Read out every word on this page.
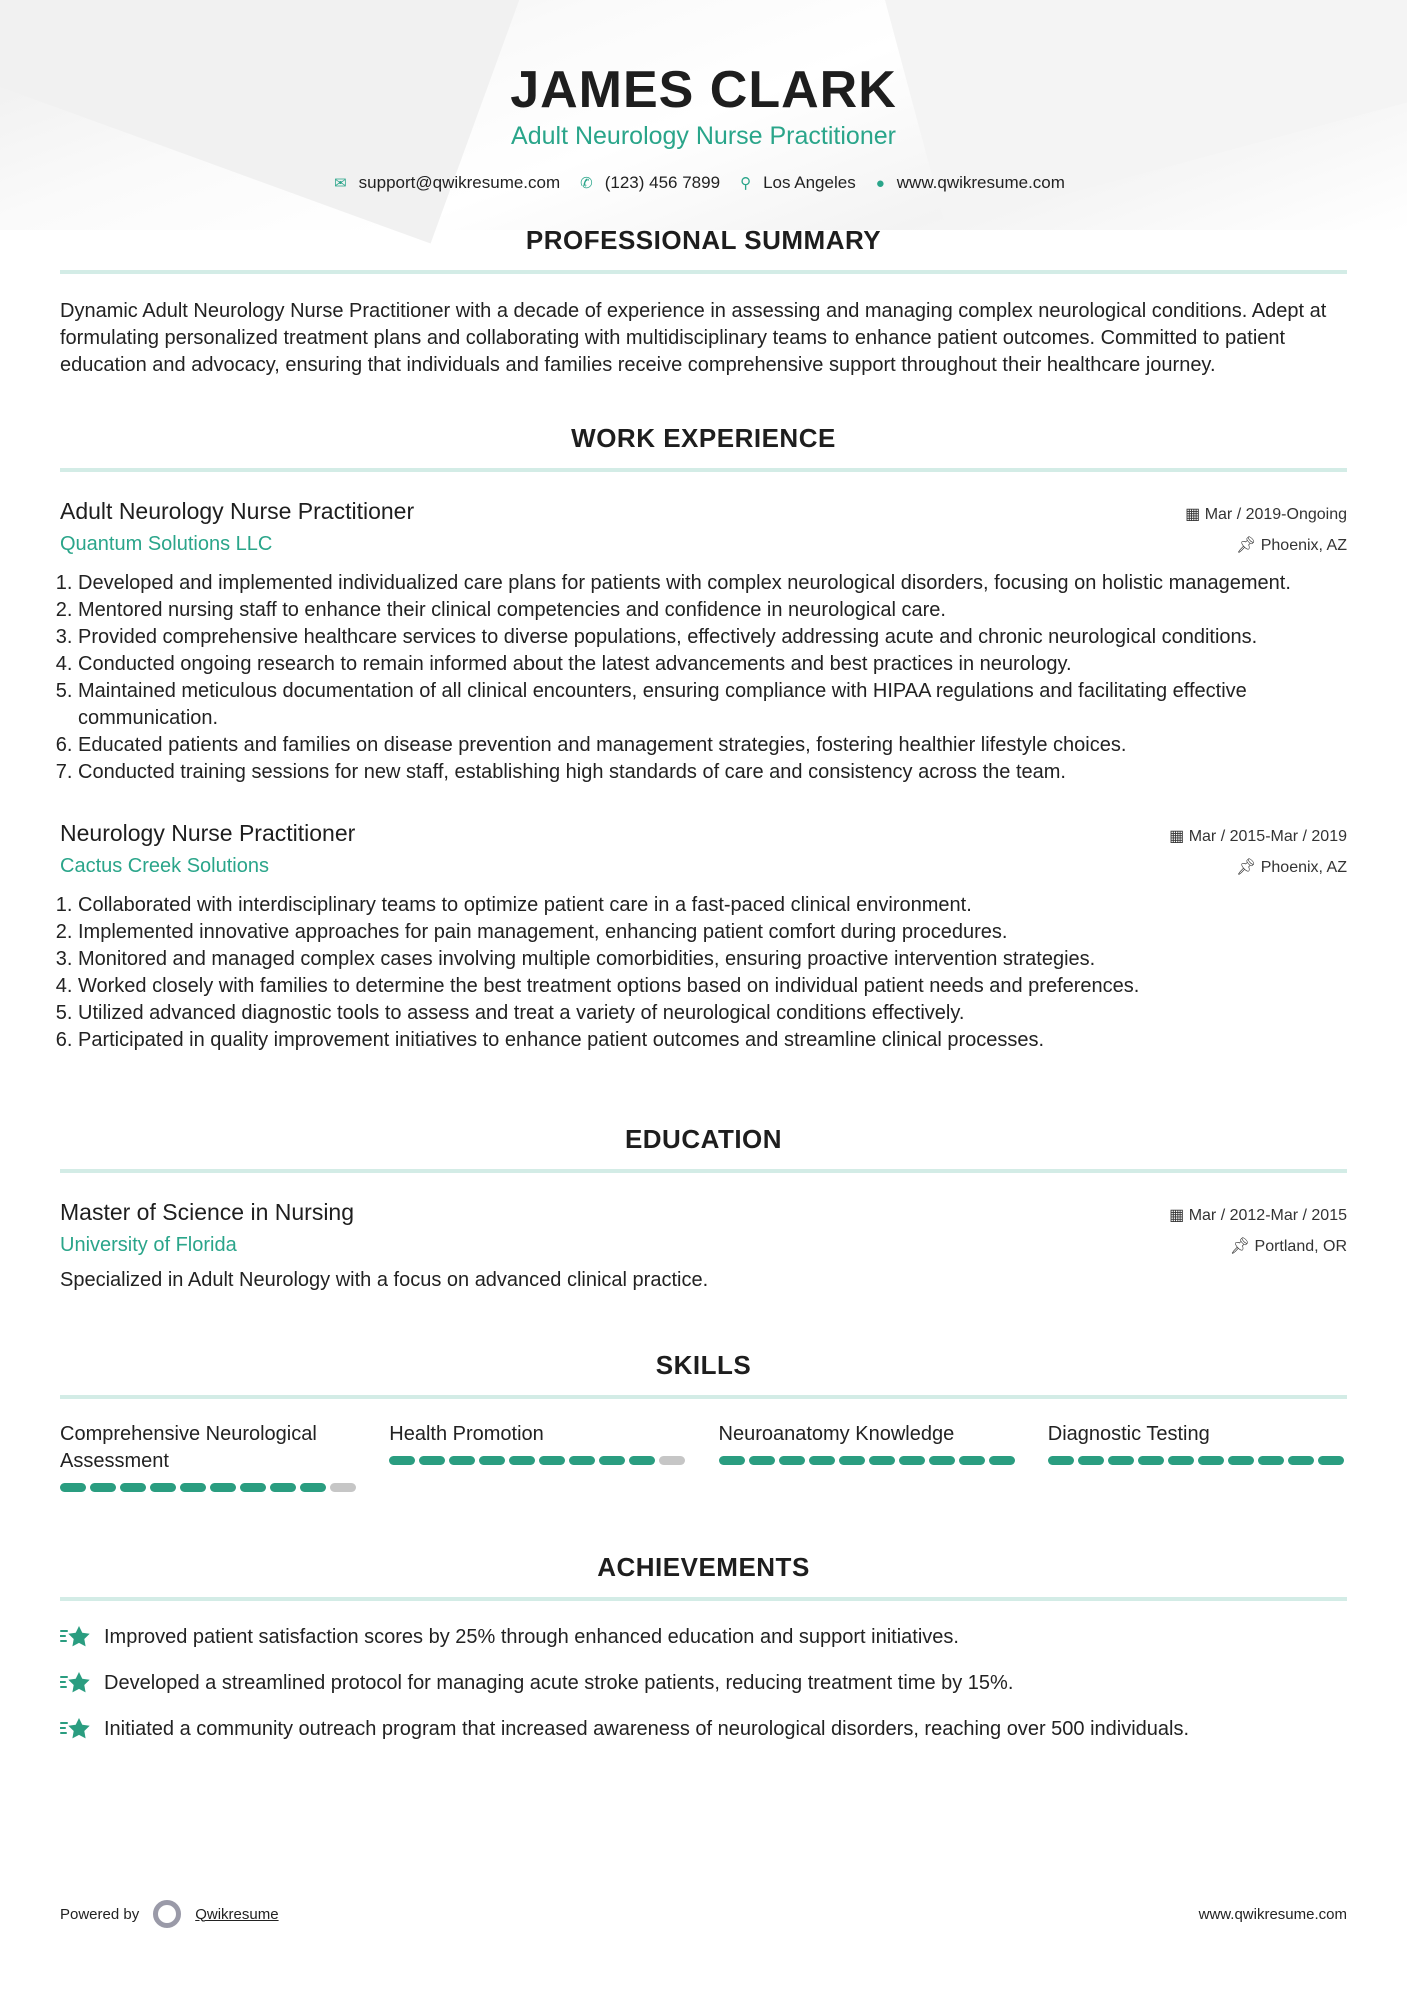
JAMES CLARK
Adult Neurology Nurse Practitioner
✉ support@qwikresume.com ✆ (123) 456 7899 ⚲ Los Angeles ● www.qwikresume.com
PROFESSIONAL SUMMARY

Dynamic Adult Neurology Nurse Practitioner with a decade of experience in assessing and managing complex neurological conditions. Adept at formulating personalized treatment plans and collaborating with multidisciplinary teams to enhance patient outcomes. Committed to patient education and advocacy, ensuring that individuals and families receive comprehensive support throughout their healthcare journey.

WORK EXPERIENCE
Adult Neurology Nurse Practitioner	▦ Mar / 2019-Ongoing
Quantum Solutions LLC	📌︎ Phoenix, AZ
1. Developed and implemented individualized care plans for patients with complex neurological disorders, focusing on holistic management.
2. Mentored nursing staff to enhance their clinical competencies and confidence in neurological care.
3. Provided comprehensive healthcare services to diverse populations, effectively addressing acute and chronic neurological conditions.
4. Conducted ongoing research to remain informed about the latest advancements and best practices in neurology.
5. Maintained meticulous documentation of all clinical encounters, ensuring compliance with HIPAA regulations and facilitating effective communication.
6. Educated patients and families on disease prevention and management strategies, fostering healthier lifestyle choices.
7. Conducted training sessions for new staff, establishing high standards of care and consistency across the team.
Neurology Nurse Practitioner	▦ Mar / 2015-Mar / 2019
Cactus Creek Solutions	📌︎ Phoenix, AZ
1. Collaborated with interdisciplinary teams to optimize patient care in a fast-paced clinical environment.
2. Implemented innovative approaches for pain management, enhancing patient comfort during procedures.
3. Monitored and managed complex cases involving multiple comorbidities, ensuring proactive intervention strategies.
4. Worked closely with families to determine the best treatment options based on individual patient needs and preferences.
5. Utilized advanced diagnostic tools to assess and treat a variety of neurological conditions effectively.
6. Participated in quality improvement initiatives to enhance patient outcomes and streamline clinical processes.
EDUCATION
Master of Science in Nursing	▦ Mar / 2012-Mar / 2015
University of Florida	📌︎ Portland, OR
Specialized in Adult Neurology with a focus on advanced clinical practice.
SKILLS
Comprehensive Neurological Assessment
Health Promotion	Neuroanatomy Knowledge	Diagnostic Testing
ACHIEVEMENTS
Improved patient satisfaction scores by 25% through enhanced education and support initiatives.
Developed a streamlined protocol for managing acute stroke patients, reducing treatment time by 15%.
Initiated a community outreach program that increased awareness of neurological disorders, reaching over 500 individuals.
Powered by	Qwikresume	www.qwikresume.com
